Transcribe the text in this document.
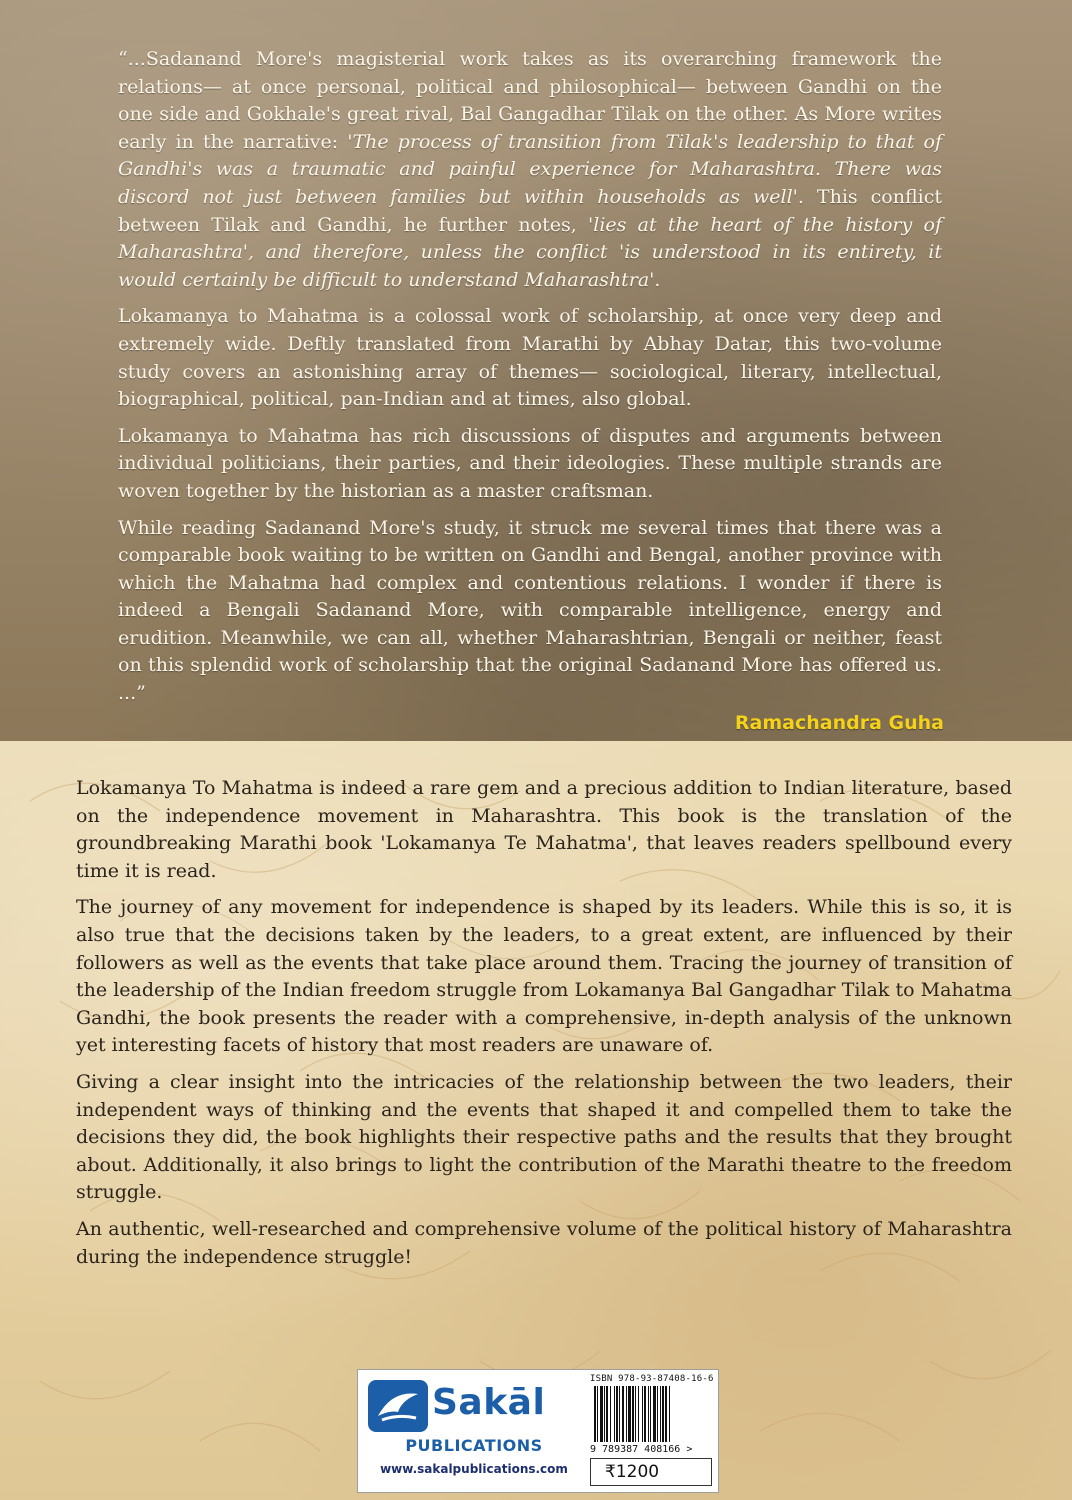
“...Sadanand More's magisterial work takes as its overarching framework the relations— at once personal, political and philosophical— between Gandhi on the one side and Gokhale's great rival, Bal Gangadhar Tilak on the other. As More writes early in the narrative: 'The process of transition from Tilak's leadership to that of Gandhi's was a traumatic and painful experience for Maharashtra. There was discord not just between families but within households as well'. This conflict between Tilak and Gandhi, he further notes, 'lies at the heart of the history of Maharashtra', and therefore, unless the conflict 'is understood in its entirety, it would certainly be difficult to understand Maharashtra'.

Lokamanya to Mahatma is a colossal work of scholarship, at once very deep and extremely wide. Deftly translated from Marathi by Abhay Datar, this two-volume study covers an astonishing array of themes— sociological, literary, intellectual, biographical, political, pan-Indian and at times, also global.

Lokamanya to Mahatma has rich discussions of disputes and arguments between individual politicians, their parties, and their ideologies. These multiple strands are woven together by the historian as a master craftsman.

While reading Sadanand More's study, it struck me several times that there was a comparable book waiting to be written on Gandhi and Bengal, another province with which the Mahatma had complex and contentious relations. I wonder if there is indeed a Bengali Sadanand More, with comparable intelligence, energy and erudition. Meanwhile, we can all, whether Maharashtrian, Bengali or neither, feast on this splendid work of scholarship that the original Sadanand More has offered us. ...”

Ramachandra Guha

Lokamanya To Mahatma is indeed a rare gem and a precious addition to Indian literature, based on the independence movement in Maharashtra. This book is the translation of the groundbreaking Marathi book 'Lokamanya Te Mahatma', that leaves readers spellbound every time it is read.

The journey of any movement for independence is shaped by its leaders. While this is so, it is also true that the decisions taken by the leaders, to a great extent, are influenced by their followers as well as the events that take place around them. Tracing the journey of transition of the leadership of the Indian freedom struggle from Lokamanya Bal Gangadhar Tilak to Mahatma Gandhi, the book presents the reader with a comprehensive, in-depth analysis of the unknown yet interesting facets of history that most readers are unaware of.

Giving a clear insight into the intricacies of the relationship between the two leaders, their independent ways of thinking and the events that shaped it and compelled them to take the decisions they did, the book highlights their respective paths and the results that they brought about. Additionally, it also brings to light the contribution of the Marathi theatre to the freedom struggle.

An authentic, well-researched and comprehensive volume of the political history of Maharashtra during the independence struggle!

Sakāl
PUBLICATIONS
www.sakalpublications.com
ISBN 978-93-87408-16-6
9 789387 408166 >
₹1200
